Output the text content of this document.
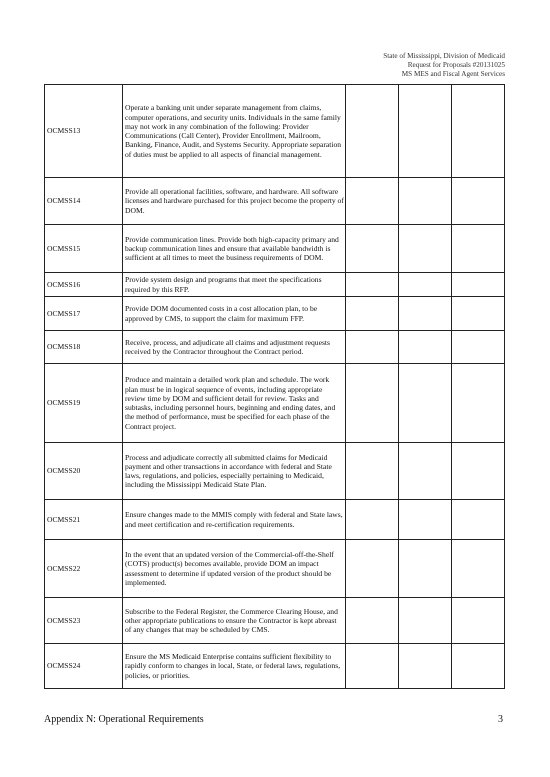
State of Mississippi, Division of Medicaid
Request for Proposals #20131025
MS MES and Fiscal Agent Services
OCMSS13	Operate a banking unit under separate management from claims, computer operations, and security units. Individuals in the same family may not work in any combination of the following: Provider Communications (Call Center), Provider Enrollment, Mailroom, Banking, Finance, Audit, and Systems Security. Appropriate separation of duties must be applied to all aspects of financial management.			
OCMSS14	Provide all operational facilities, software, and hardware. All software licenses and hardware purchased for this project become the property of DOM.			
OCMSS15	Provide communication lines. Provide both high-capacity primary and backup communication lines and ensure that available bandwidth is sufficient at all times to meet the business requirements of DOM.			
OCMSS16	Provide system design and programs that meet the specifications required by this RFP.			
OCMSS17	Provide DOM documented costs in a cost allocation plan, to be approved by CMS, to support the claim for maximum FFP.			
OCMSS18	Receive, process, and adjudicate all claims and adjustment requests received by the Contractor throughout the Contract period.			
OCMSS19	Produce and maintain a detailed work plan and schedule. The work plan must be in logical sequence of events, including appropriate review time by DOM and sufficient detail for review. Tasks and subtasks, including personnel hours, beginning and ending dates, and the method of performance, must be specified for each phase of the Contract project.			
OCMSS20	Process and adjudicate correctly all submitted claims for Medicaid payment and other transactions in accordance with federal and State laws, regulations, and policies, especially pertaining to Medicaid, including the Mississippi Medicaid State Plan.			
OCMSS21	Ensure changes made to the MMIS comply with federal and State laws, and meet certification and re-certification requirements.			
OCMSS22	In the event that an updated version of the Commercial-off-the-Shelf (COTS) product(s) becomes available, provide DOM an impact assessment to determine if updated version of the product should be implemented.			
OCMSS23	Subscribe to the Federal Register, the Commerce Clearing House, and other appropriate publications to ensure the Contractor is kept abreast of any changes that may be scheduled by CMS.			
OCMSS24	Ensure the MS Medicaid Enterprise contains sufficient flexibility to rapidly conform to changes in local, State, or federal laws, regulations, policies, or priorities.			
Appendix N: Operational Requirements	3
